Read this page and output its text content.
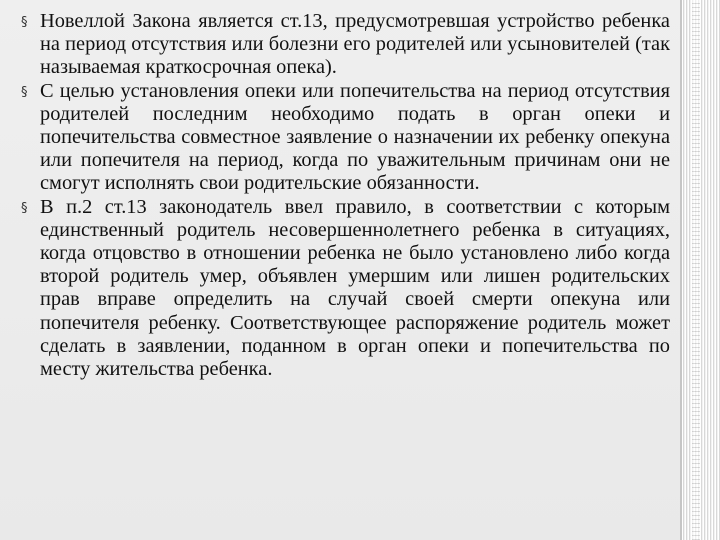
§ Новеллой Закона является ст.13, предусмотревшая устройство ребенка на период отсутствия или болезни его родителей или усыновителей (так называемая краткосрочная опека).

§ С целью установления опеки или попечительства на период отсутствия родителей последним необходимо подать в орган опеки и попечительства совместное заявление о назначении их ребенку опекуна или попечителя на период, когда по уважительным причинам они не смогут исполнять свои родительские обязанности.

§ В п.2 ст.13 законодатель ввел правило, в соответствии с которым единственный родитель несовершеннолетнего ребенка в ситуациях, когда отцовство в отношении ребенка не было установлено либо когда второй родитель умер, объявлен умершим или лишен родительских прав вправе определить на случай своей смерти опекуна или попечителя ребенку. Соответствующее распоряжение родитель может сделать в заявлении, поданном в орган опеки и попечительства по месту жительства ребенка.
